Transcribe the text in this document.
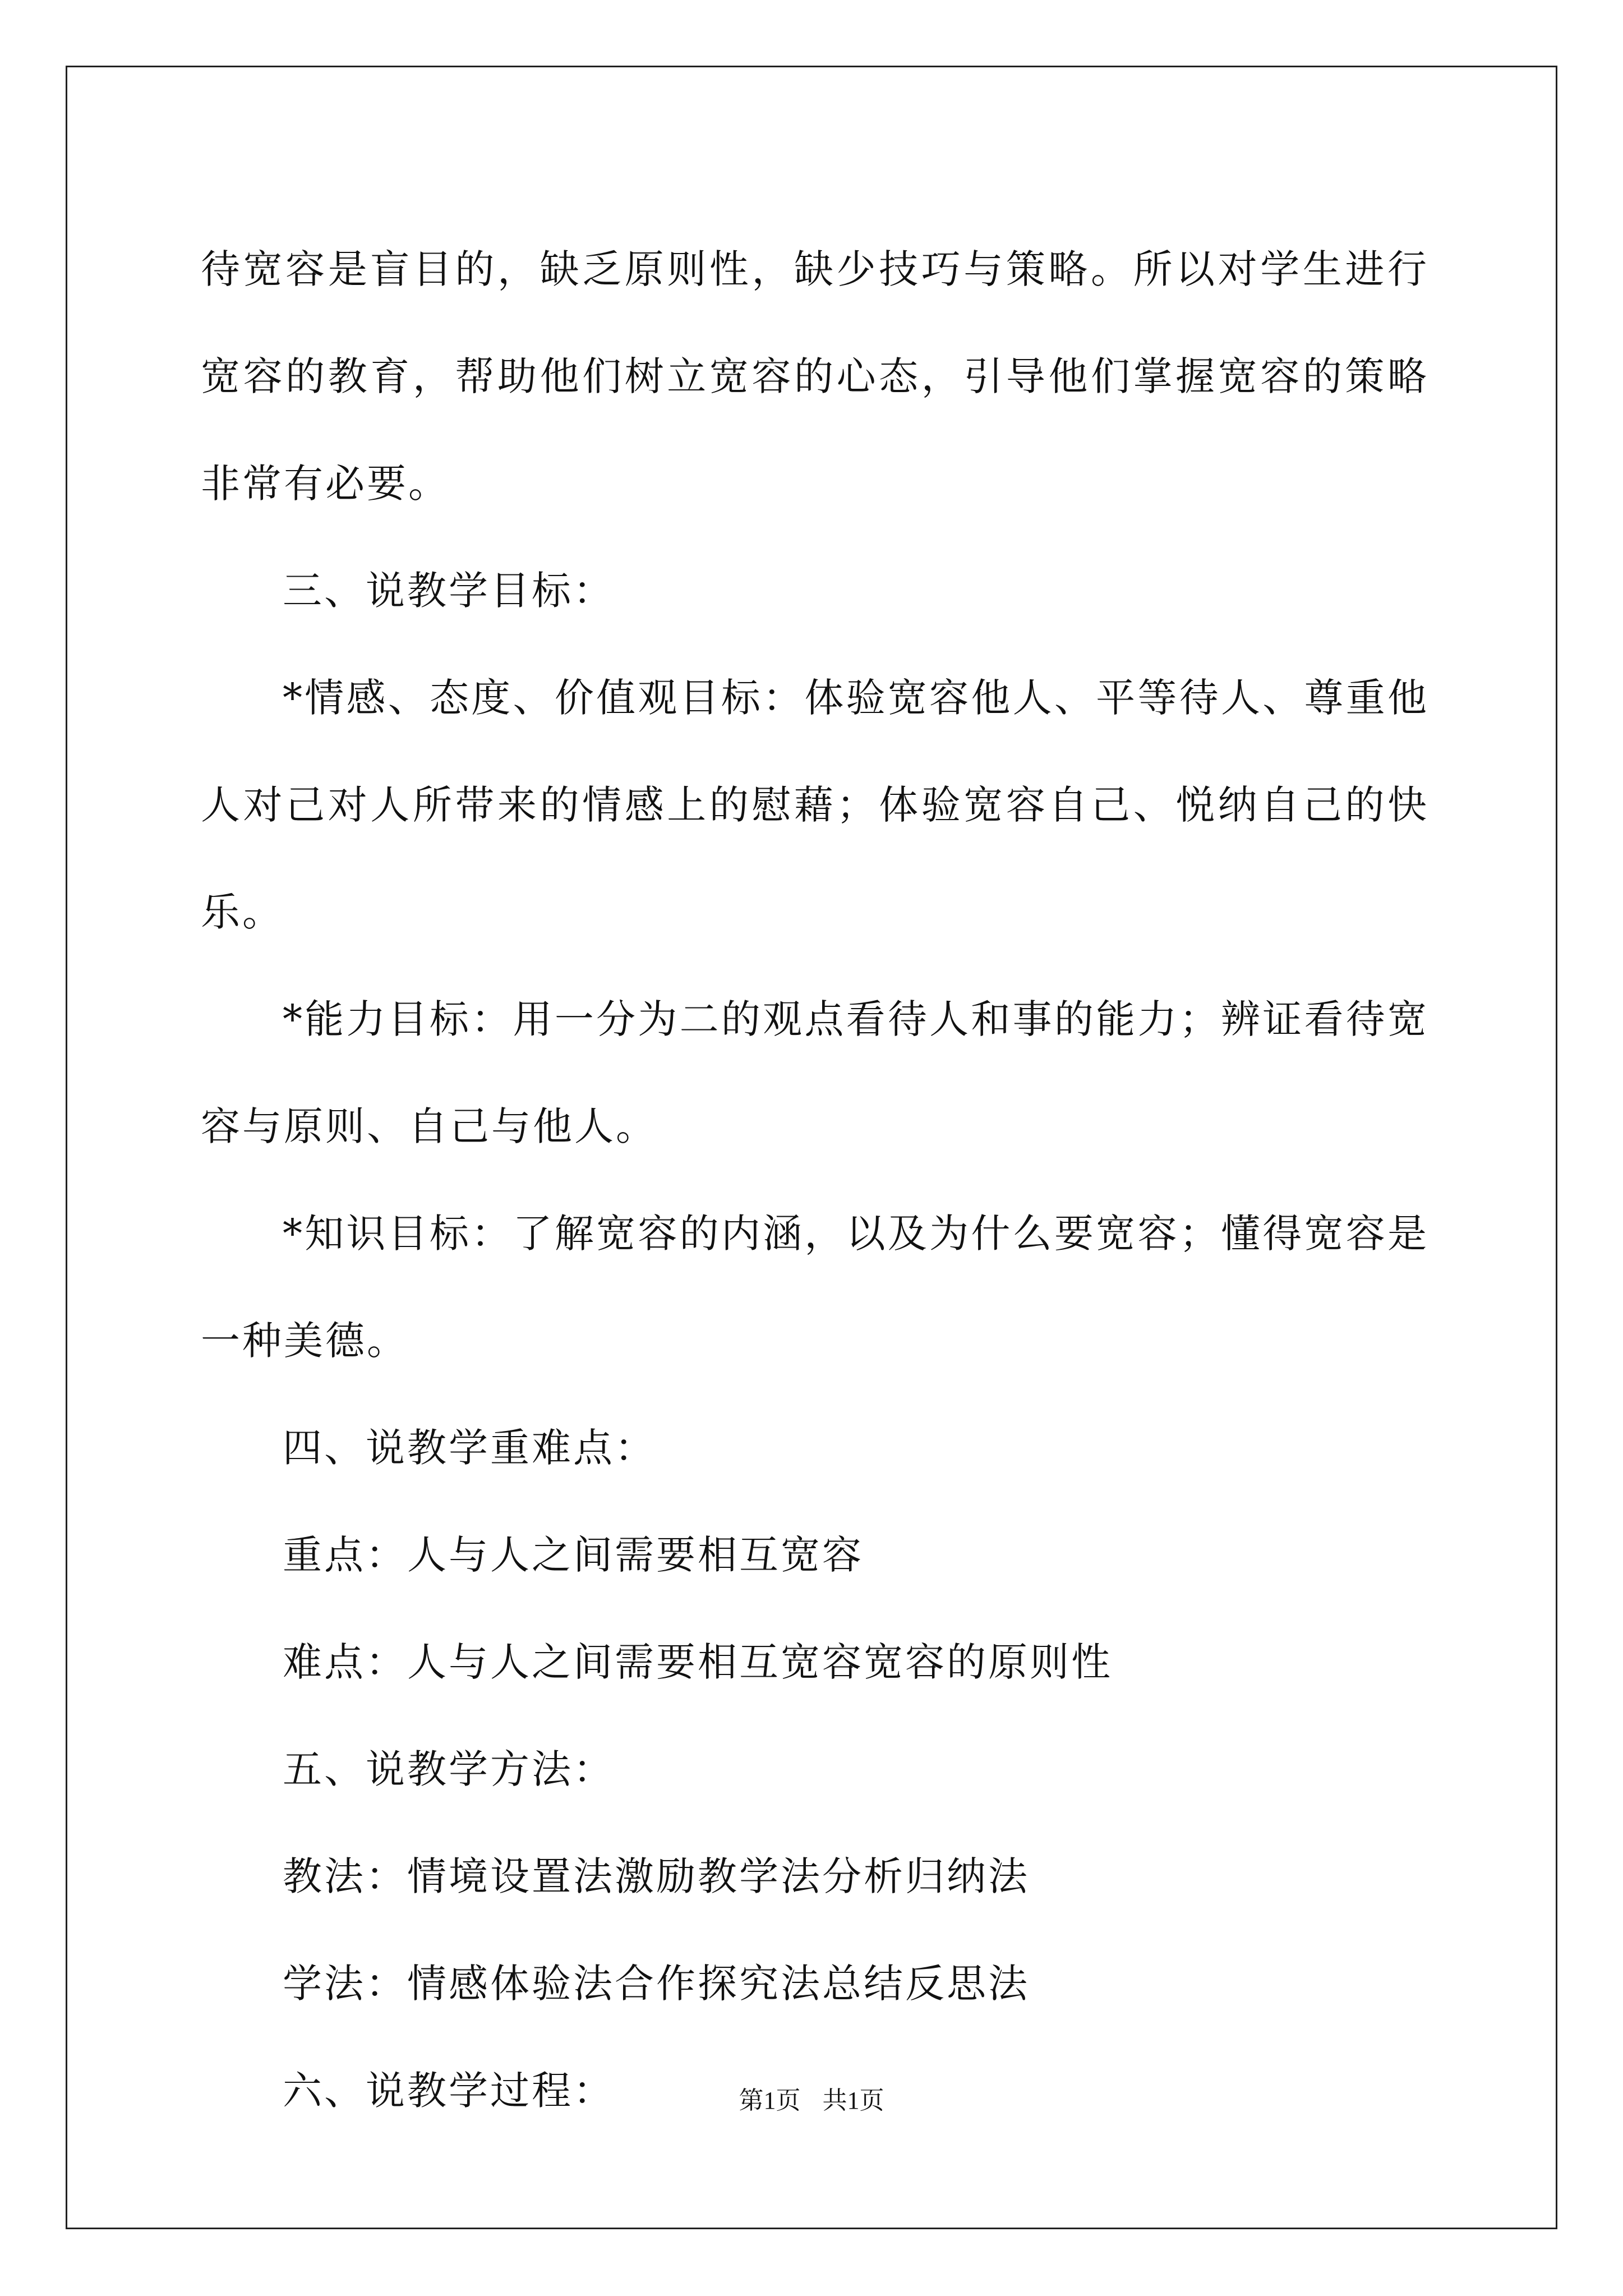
待宽容是盲目的，缺乏原则性，缺少技巧与策略。所以对学生进行宽容的教育，帮助他们树立宽容的心态，引导他们掌握宽容的策略非常有必要。

三、说教学目标：

*情感、态度、价值观目标：体验宽容他人、平等待人、尊重他人对己对人所带来的情感上的慰藉；体验宽容自己、悦纳自己的快乐。

*能力目标：用一分为二的观点看待人和事的能力；辨证看待宽容与原则、自己与他人。

*知识目标：了解宽容的内涵，以及为什么要宽容；懂得宽容是一种美德。

四、说教学重难点：

重点：人与人之间需要相互宽容

难点：人与人之间需要相互宽容宽容的原则性

五、说教学方法：

教法：情境设置法激励教学法分析归纳法

学法：情感体验法合作探究法总结反思法

六、说教学过程：	第1页 共1页
